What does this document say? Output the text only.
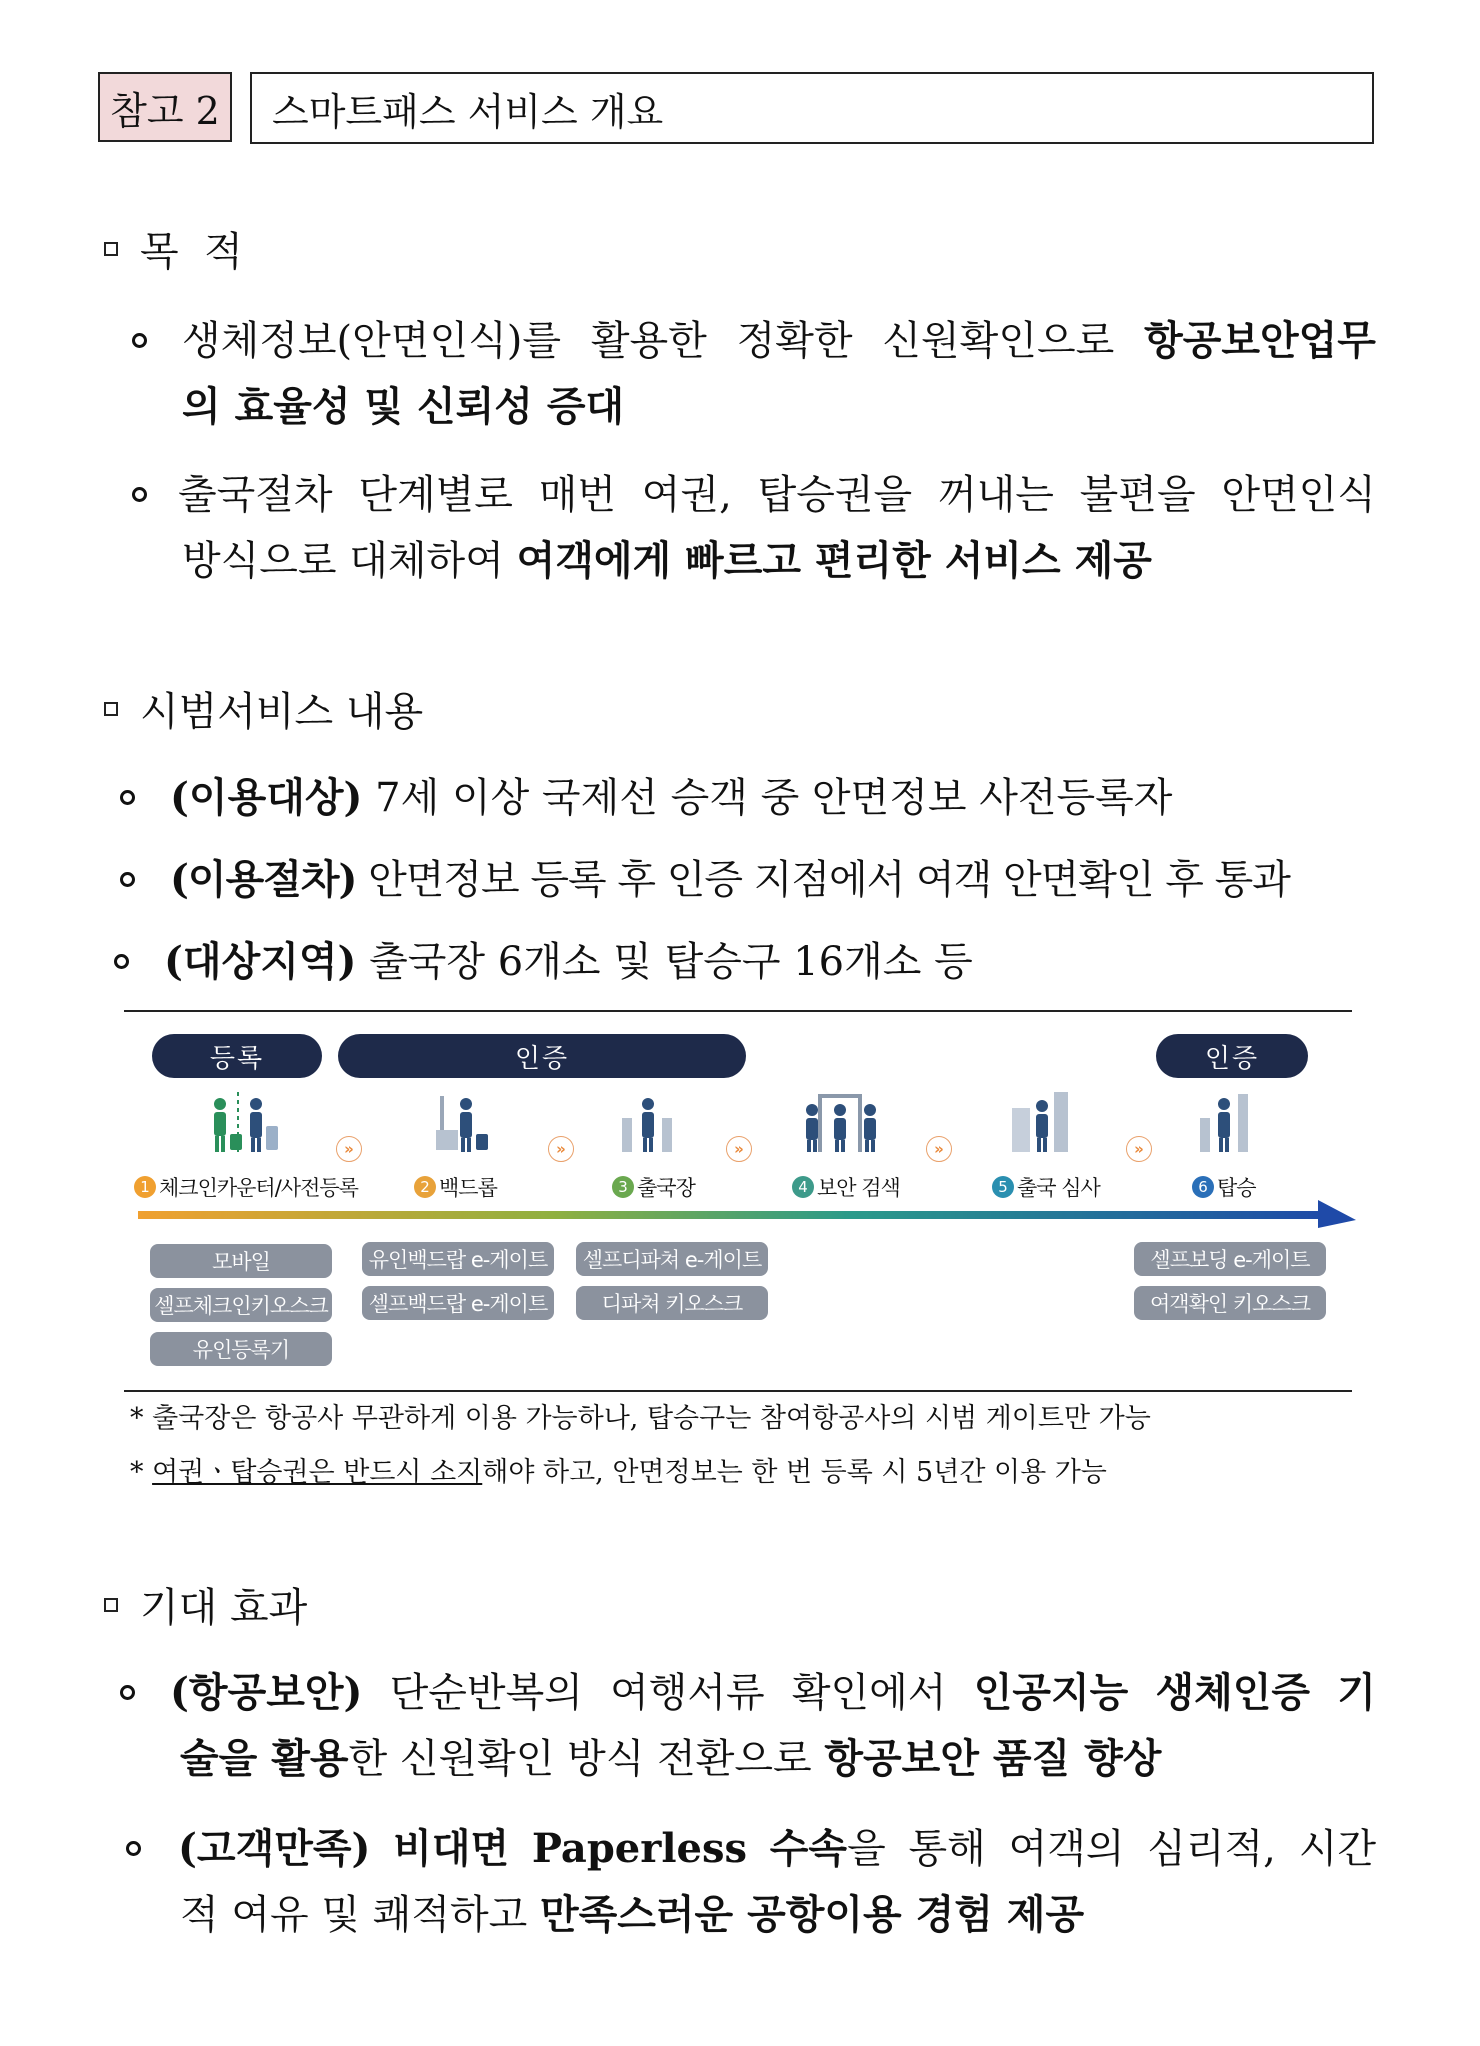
참고 2	스마트패스 서비스 개요
목  적
생체정보(안면인식)를 활용한 정확한 신원확인으로 항공보안업무
의 효율성 및 신뢰성 증대
출국절차 단계별로 매번 여권, 탑승권을 꺼내는 불편을 안면인식
방식으로 대체하여 여객에게 빠르고 편리한 서비스 제공
시범서비스 내용
(이용대상) 7세 이상 국제선 승객 중 안면정보 사전등록자
(이용절차) 안면정보 등록 후 인증 지점에서 여객 안면확인 후 통과
(대상지역) 출국장 6개소 및 탑승구 16개소 등
등록	인증	인증
»	»	»	»	»
1 체크인카운터/사전등록	2 백드롭	3 출국장	4 보안 검색	5 출국 심사	6 탑승
모바일
셀프체크인키오스크
유인등록기
유인백드랍 e-게이트
셀프백드랍 e-게이트
셀프디파쳐 e-게이트
디파쳐 키오스크
셀프보딩 e-게이트
여객확인 키오스크
* 출국장은 항공사 무관하게 이용 가능하나, 탑승구는 참여항공사의 시범 게이트만 가능
* 여권ㆍ탑승권은 반드시 소지해야 하고, 안면정보는 한 번 등록 시 5년간 이용 가능
기대 효과
(항공보안) 단순반복의 여행서류 확인에서 인공지능 생체인증 기
술을 활용한 신원확인 방식 전환으로 항공보안 품질 향상
(고객만족) 비대면 Paperless 수속을 통해 여객의 심리적, 시간
적 여유 및 쾌적하고 만족스러운 공항이용 경험 제공
